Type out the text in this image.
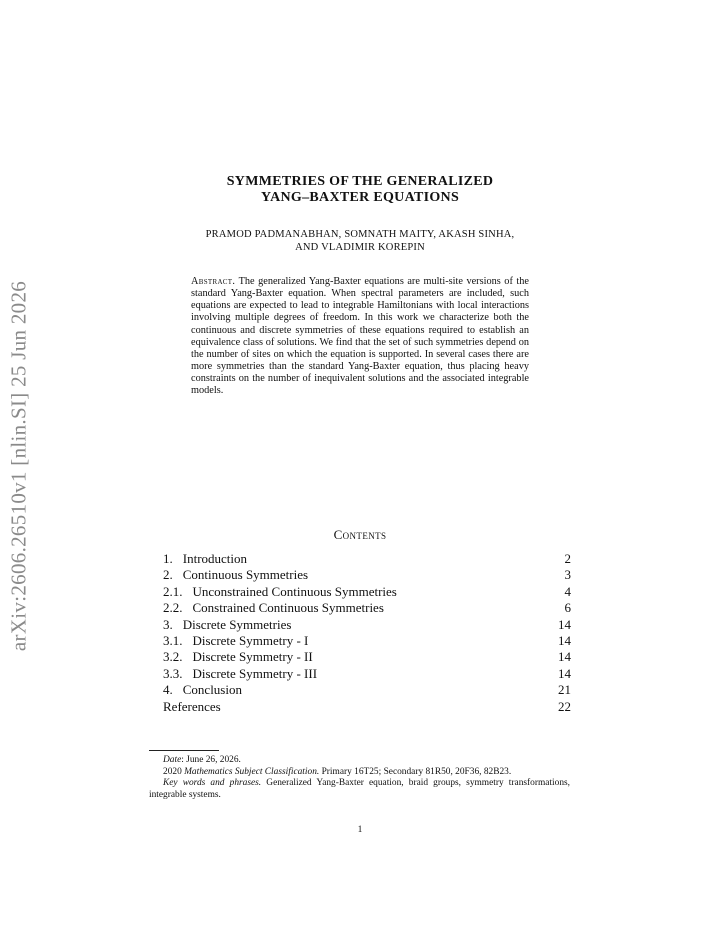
arXiv:2606.26510v1 [nlin.SI] 25 Jun 2026
SYMMETRIES OF THE GENERALIZED
YANG–BAXTER EQUATIONS
PRAMOD PADMANABHAN, SOMNATH MAITY, AKASH SINHA,
AND VLADIMIR KOREPIN
Abstract. The generalized Yang-Baxter equations are multi-site versions of the standard Yang-Baxter equation. When spectral parameters are included, such equations are expected to lead to integrable Hamiltonians with local interactions involving multiple degrees of freedom. In this work we characterize both the continuous and discrete symmetries of these equations required to establish an equivalence class of solutions. We find that the set of such symmetries depend on the number of sites on which the equation is supported. In several cases there are more symmetries than the standard Yang-Baxter equation, thus placing heavy constraints on the number of inequivalent solutions and the associated integrable models.
Contents
1. Introduction	2
2. Continuous Symmetries	3
2.1. Unconstrained Continuous Symmetries	4
2.2. Constrained Continuous Symmetries	6
3. Discrete Symmetries	14
3.1. Discrete Symmetry - I	14
3.2. Discrete Symmetry - II	14
3.3. Discrete Symmetry - III	14
4. Conclusion	21
References	22

Date: June 26, 2026.

2020 Mathematics Subject Classification. Primary 16T25; Secondary 81R50, 20F36, 82B23.

Key words and phrases. Generalized Yang-Baxter equation, braid groups, symmetry transformations, integrable systems.

1
